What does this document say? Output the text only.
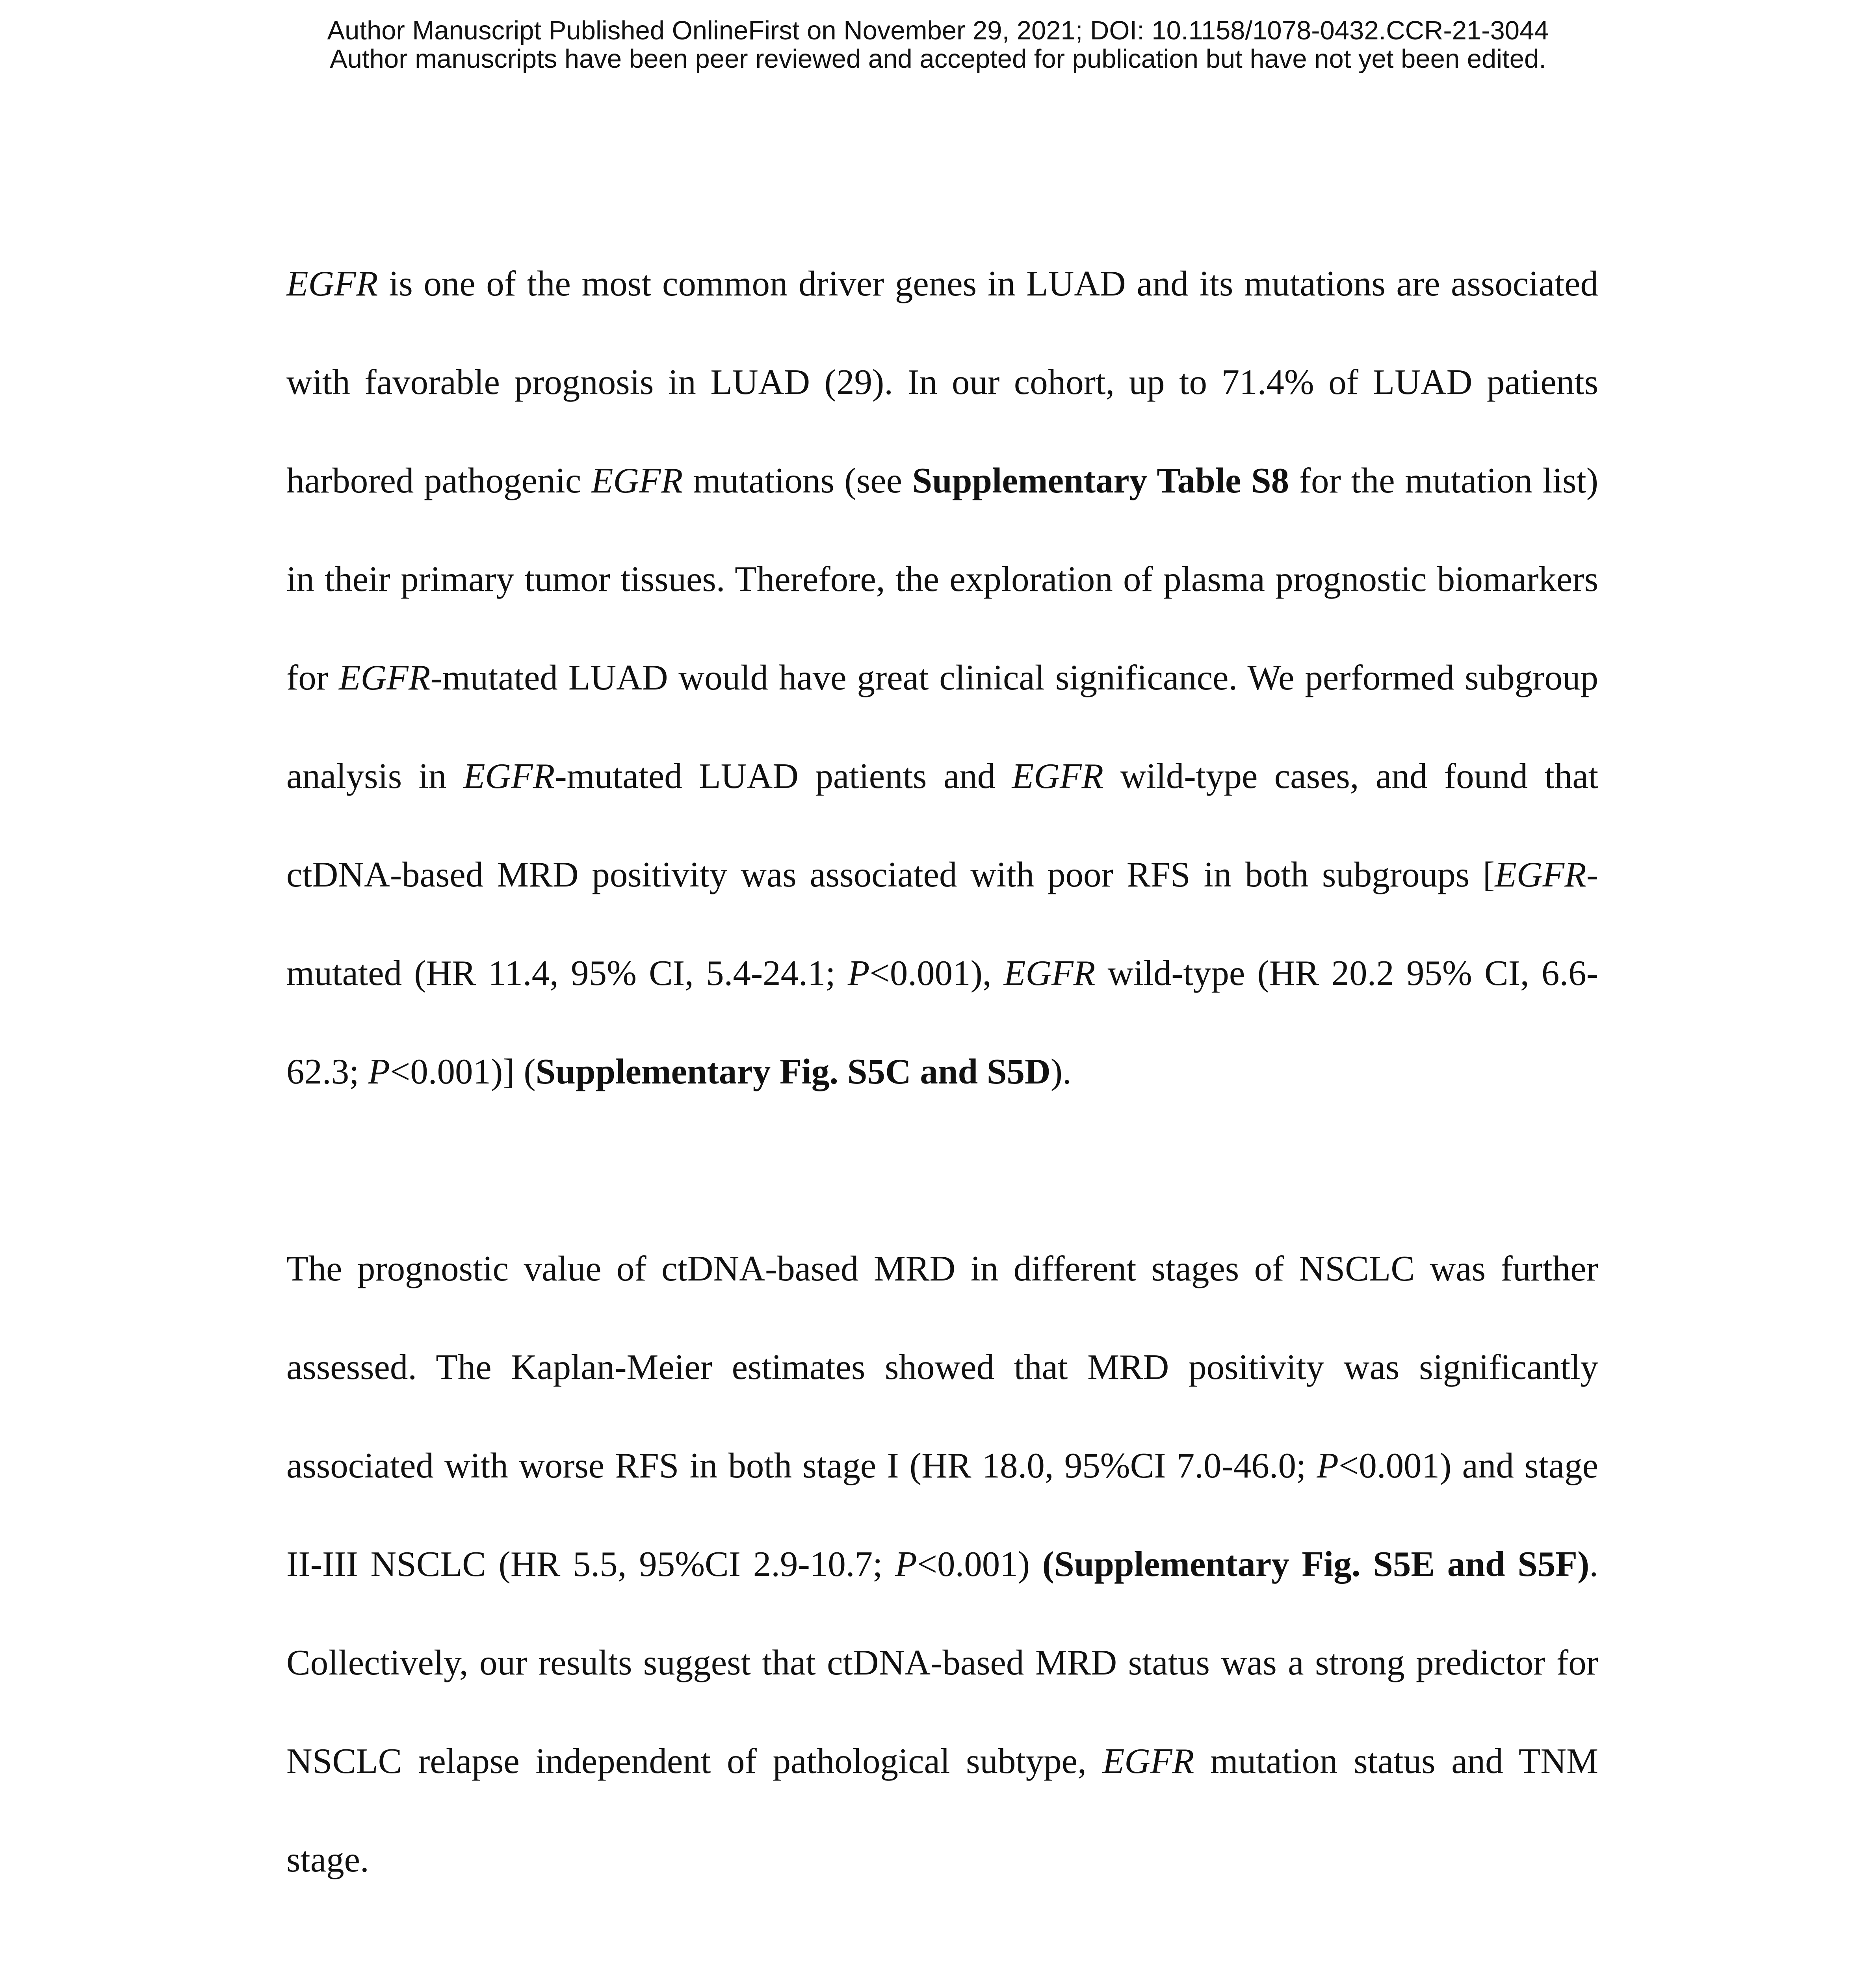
Author Manuscript Published OnlineFirst on November 29, 2021; DOI: 10.1158/1078-0432.CCR-21-3044
Author manuscripts have been peer reviewed and accepted for publication but have not yet been edited.

EGFR is one of the most common driver genes in LUAD and its mutations are associated with favorable prognosis in LUAD (29). In our cohort, up to 71.4% of LUAD patients harbored pathogenic EGFR mutations (see Supplementary Table S8 for the mutation list) in their primary tumor tissues. Therefore, the exploration of plasma prognostic biomarkers for EGFR-mutated LUAD would have great clinical significance. We performed subgroup analysis in EGFR-mutated LUAD patients and EGFR wild-type cases, and found that ctDNA-based MRD positivity was associated with poor RFS in both subgroups [EGFR-mutated (HR 11.4, 95% CI, 5.4-24.1; P<0.001), EGFR wild-type (HR 20.2 95% CI, 6.6-62.3; P<0.001)] (Supplementary Fig. S5C and S5D).

The prognostic value of ctDNA-based MRD in different stages of NSCLC was further assessed. The Kaplan-Meier estimates showed that MRD positivity was significantly associated with worse RFS in both stage I (HR 18.0, 95%CI 7.0-46.0; P<0.001) and stage II-III NSCLC (HR 5.5, 95%CI 2.9-10.7; P<0.001) (Supplementary Fig. S5E and S5F). Collectively, our results suggest that ctDNA-based MRD status was a strong predictor for NSCLC relapse independent of pathological subtype, EGFR mutation status and TNM stage.
